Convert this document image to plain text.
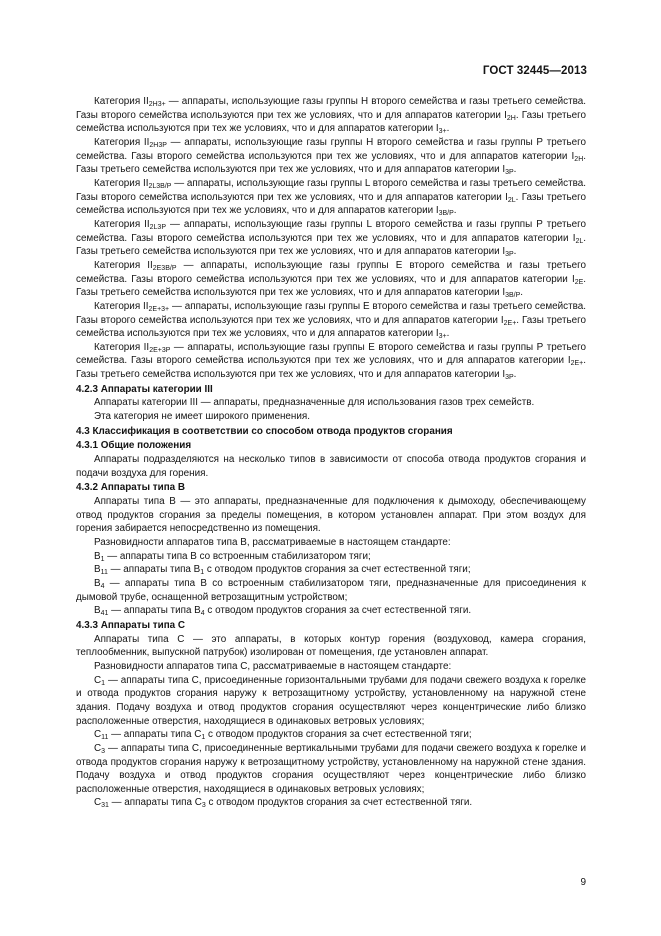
ГОСТ 32445—2013

Категория $II_{2H3+}$ — аппараты, использующие газы группы Н второго семейства и газы третьего семейства. Газы второго семейства используются при тех же условиях, что и для аппаратов категории $I_{2H}$. Газы третьего семейства используются при тех же условиях, что и для аппаратов категории $I_{3+}$.

Категория $II_{2H3P}$ — аппараты, использующие газы группы Н второго семейства и газы группы Р третьего семейства. Газы второго семейства используются при тех же условиях, что и для аппаратов категории $I_{2H}$. Газы третьего семейства используются при тех же условиях, что и для аппаратов категории $I_{3P}$.

Категория $II_{2L3B/P}$ — аппараты, использующие газы группы L второго семейства и газы третьего семейства. Газы второго семейства используются при тех же условиях, что и для аппаратов категории $I_{2L}$. Газы третьего семейства используются при тех же условиях, что и для аппаратов категории $I_{3B/P}$.

Категория $II_{2L3P}$ — аппараты, использующие газы группы L второго семейства и газы группы Р третьего семейства. Газы второго семейства используются при тех же условиях, что и для аппаратов категории $I_{2L}$. Газы третьего семейства используются при тех же условиях, что и для аппаратов категории $I_{3P}$.

Категория $II_{2E3B/P}$ — аппараты, использующие газы группы Е второго семейства и газы третьего семейства. Газы второго семейства используются при тех же условиях, что и для аппаратов категории $I_{2E}$. Газы третьего семейства используются при тех же условиях, что и для аппаратов категории $I_{3B/P}$.

Категория $II_{2E+3+}$ — аппараты, использующие газы группы Е второго семейства и газы третьего семейства. Газы второго семейства используются при тех же условиях, что и для аппаратов категории $I_{2E+}$. Газы третьего семейства используются при тех же условиях, что и для аппаратов категории $I_{3+}$.

Категория $II_{2E+3P}$ — аппараты, использующие газы группы Е второго семейства и газы группы Р третьего семейства. Газы второго семейства используются при тех же условиях, что и для аппаратов категории $I_{2E+}$. Газы третьего семейства используются при тех же условиях, что и для аппаратов категории $I_{3P}$.

4.2.3 Аппараты категории III

Аппараты категории III — аппараты, предназначенные для использования газов трех семейств.

Эта категория не имеет широкого применения.

4.3 Классификация в соответствии со способом отвода продуктов сгорания

4.3.1 Общие положения

Аппараты подразделяются на несколько типов в зависимости от способа отвода продуктов сгорания и подачи воздуха для горения.

4.3.2 Аппараты типа В

Аппараты типа В — это аппараты, предназначенные для подключения к дымоходу, обеспечивающему отвод продуктов сгорания за пределы помещения, в котором установлен аппарат. При этом воздух для горения забирается непосредственно из помещения.

Разновидности аппаратов типа В, рассматриваемые в настоящем стандарте:

$В_1$ — аппараты типа В со встроенным стабилизатором тяги;

$В_{11}$ — аппараты типа $В_1$ с отводом продуктов сгорания за счет естественной тяги;

$В_4$ — аппараты типа В со встроенным стабилизатором тяги, предназначенные для присоединения к дымовой трубе, оснащенной ветрозащитным устройством;

$В_{41}$ — аппараты типа $В_4$ с отводом продуктов сгорания за счет естественной тяги.

4.3.3 Аппараты типа С

Аппараты типа С — это аппараты, в которых контур горения (воздуховод, камера сгорания, теплообменник, выпускной патрубок) изолирован от помещения, где установлен аппарат.

Разновидности аппаратов типа С, рассматриваемые в настоящем стандарте:

$С_1$ — аппараты типа С, присоединенные горизонтальными трубами для подачи свежего воздуха к горелке и отвода продуктов сгорания наружу к ветрозащитному устройству, установленному на наружной стене здания. Подачу воздуха и отвод продуктов сгорания осуществляют через концентрические либо близко расположенные отверстия, находящиеся в одинаковых ветровых условиях;

$С_{11}$ — аппараты типа $С_1$ с отводом продуктов сгорания за счет естественной тяги;

$С_3$ — аппараты типа С, присоединенные вертикальными трубами для подачи свежего воздуха к горелке и отвода продуктов сгорания наружу к ветрозащитному устройству, установленному на наружной стене здания. Подачу воздуха и отвод продуктов сгорания осуществляют через концентрические либо близко расположенные отверстия, находящиеся в одинаковых ветровых условиях;

$С_{31}$ — аппараты типа $С_3$ с отводом продуктов сгорания за счет естественной тяги.

9
